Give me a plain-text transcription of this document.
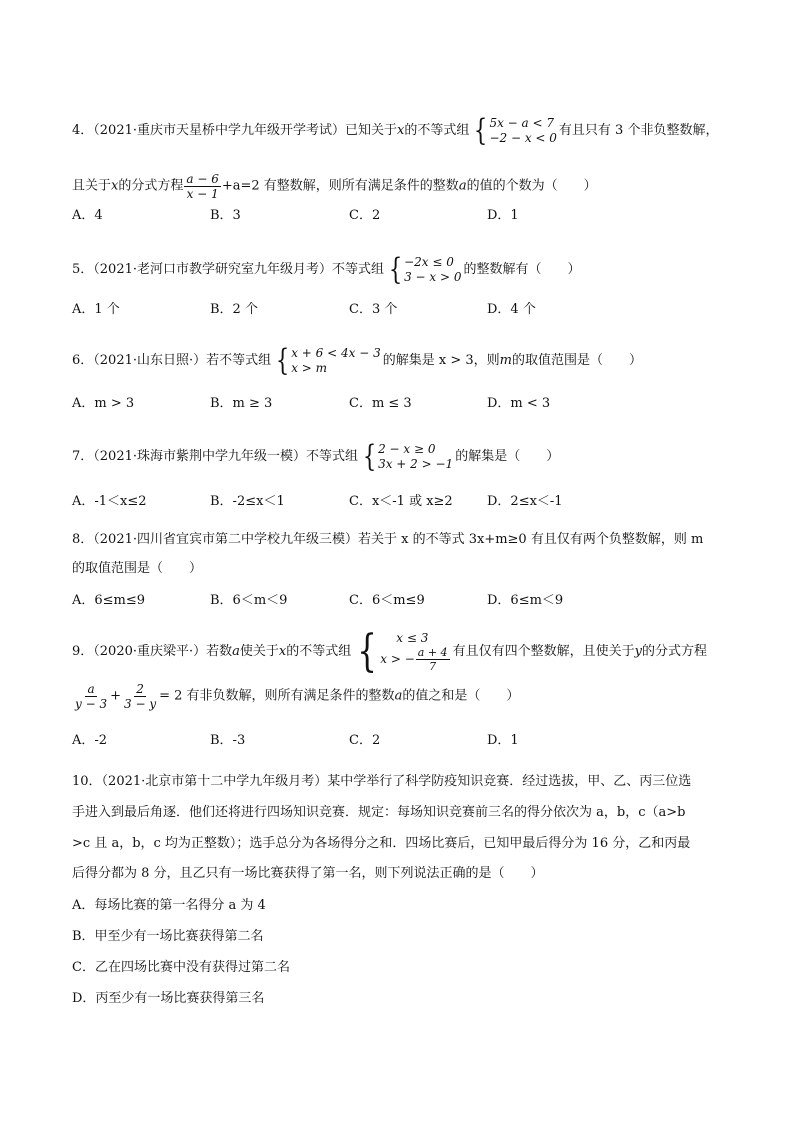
4．（2021·重庆市天星桥中学九年级开学考试）已知关于x的不等式组 { 5x − a < 7
−2 − x < 0 有且只有 3 个非负整数解，
且关于x的分式方程 $\frac{a - 6}{x - 1} +a=2$ 有整数解，则所有满足条件的整数a的值的个数为（　　）
A．4	B．3	C．2	D．1
5．（2021·老河口市教学研究室九年级月考）不等式组 { −2x ≤ 0
3 − x > 0 的整数解有（　　）
A．1 个	B．2 个	C．3 个	D．4 个
6．（2021·山东日照·）若不等式组 { x + 6 < 4x − 3
x > m	的解集是 x > 3，则m的取值范围是（　　）
A．m > 3	B．m ≥ 3	C．m ≤ 3	D．m < 3
7．（2021·珠海市紫荆中学九年级一模）不等式组 { 2 − x ≥ 0
3x + 2 > −1 的解集是（　　）
A．-1＜x≤2	B．-2≤x＜1	C．x＜-1 或 x≥2	D．2≤x＜-1
8．（2021·四川省宜宾市第二中学校九年级三模）若关于 x 的不等式 3x+m≥0 有且仅有两个负整数解，则 m
的取值范围是（　　）
A．6≤m≤9	B．6＜m＜9	C．6＜m≤9	D．6≤m＜9
9．（2020·重庆梁平·）若数a使关于x的不等式组 {	x ≤ 3
x > − $\frac{a + 4}{7}$ 有且仅有四个整数解，且使关于y的分式方程
$\frac{a}{y - 3} + \frac{2}{3 - y} = 2$ 有非负数解，则所有满足条件的整数a的值之和是（　　）
A．-2	B．-3	C．2	D．1
10．（2021·北京市第十二中学九年级月考）某中学举行了科学防疫知识竞赛．经过选拔，甲、乙、丙三位选
手进入到最后角逐．他们还将进行四场知识竞赛．规定：每场知识竞赛前三名的得分依次为 a，b，c（a>b
>c 且 a，b，c 均为正整数）；选手总分为各场得分之和．四场比赛后，已知甲最后得分为 16 分，乙和丙最
后得分都为 8 分，且乙只有一场比赛获得了第一名，则下列说法正确的是（　　）
A．每场比赛的第一名得分 a 为 4
B．甲至少有一场比赛获得第二名
C．乙在四场比赛中没有获得过第二名
D．丙至少有一场比赛获得第三名
